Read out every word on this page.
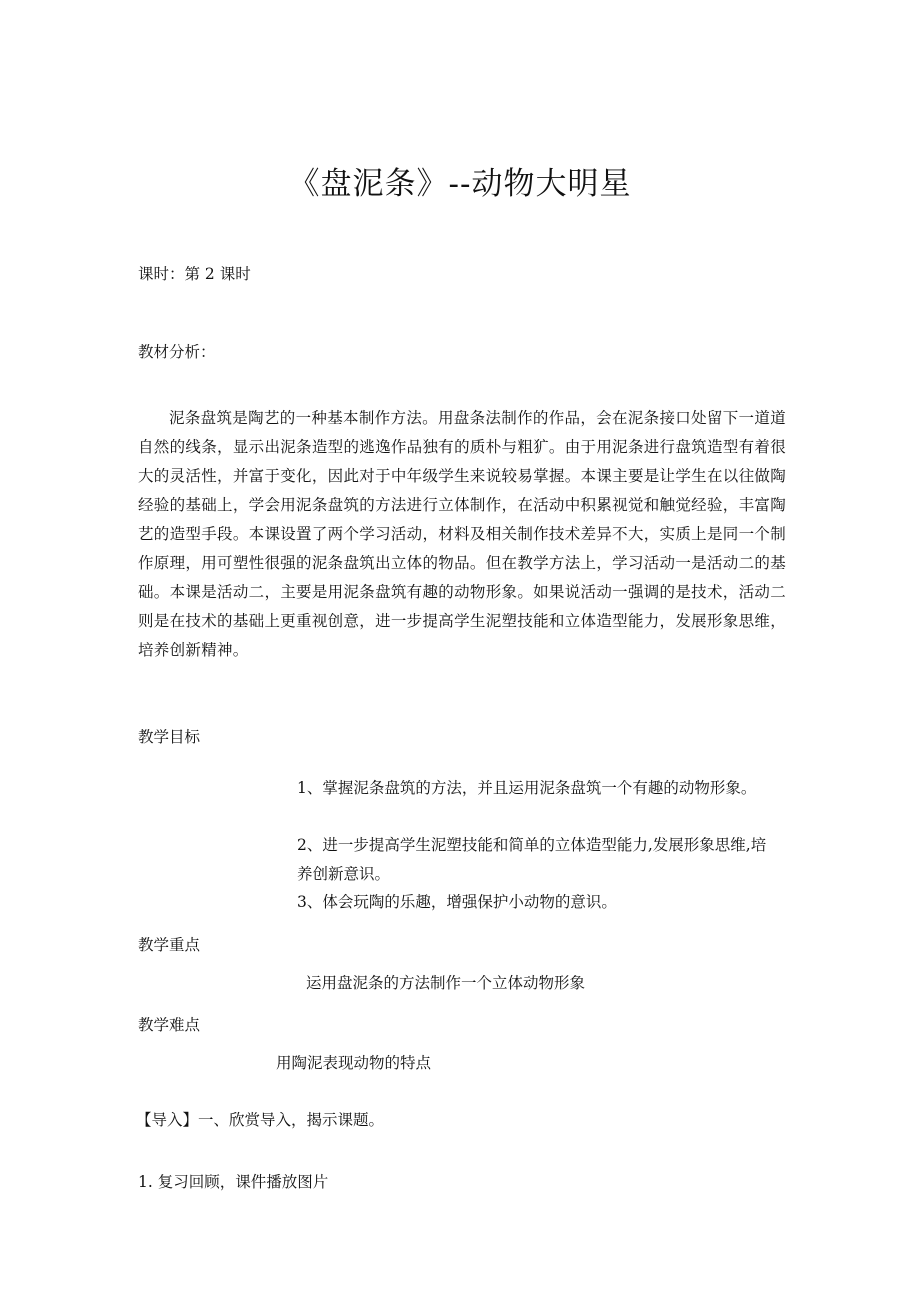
《盘泥条》--动物大明星
课时：第 2 课时
教材分析：
泥条盘筑是陶艺的一种基本制作方法。用盘条法制作的作品，会在泥条接口处留下一道道自然的线条，显示出泥条造型的逃逸作品独有的质朴与粗犷。由于用泥条进行盘筑造型有着很大的灵活性，并富于变化，因此对于中年级学生来说较易掌握。本课主要是让学生在以往做陶经验的基础上，学会用泥条盘筑的方法进行立体制作，在活动中积累视觉和触觉经验，丰富陶艺的造型手段。本课设置了两个学习活动，材料及相关制作技术差异不大，实质上是同一个制作原理，用可塑性很强的泥条盘筑出立体的物品。但在教学方法上，学习活动一是活动二的基础。本课是活动二，主要是用泥条盘筑有趣的动物形象。如果说活动一强调的是技术，活动二则是在技术的基础上更重视创意，进一步提高学生泥塑技能和立体造型能力，发展形象思维，培养创新精神。
教学目标
1、掌握泥条盘筑的方法，并且运用泥条盘筑一个有趣的动物形象。
2、进一步提高学生泥塑技能和简单的立体造型能力,发展形象思维,培养创新意识。
3、体会玩陶的乐趣，增强保护小动物的意识。
教学重点
运用盘泥条的方法制作一个立体动物形象
教学难点
用陶泥表现动物的特点
【导入】一、欣赏导入，揭示课题。
1. 复习回顾，课件播放图片
